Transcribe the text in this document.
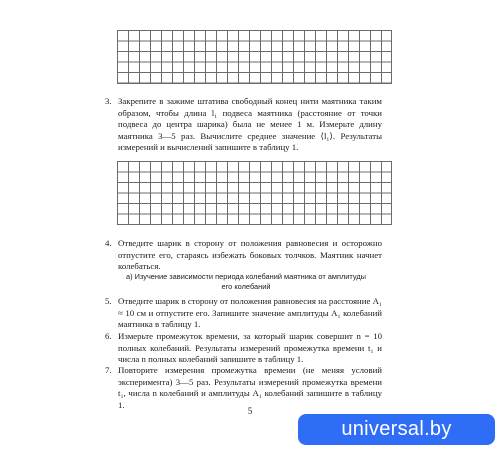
3. Закрепите в зажиме штатива свободный конец нити маятника таким образом, чтобы длина l₁ подвеса маятника (расстояние от точки подвеса до центра шарика) была не менее 1 м. Измерьте длину маятника 3—5 раз. Вычислите среднее значение ⟨l₁⟩. Результаты измерений и вычислений запишите в таблицу 1.
4. Отведите шарик в сторону от положения равновесия и осторожно отпустите его, стараясь избежать боковых толчков. Маятник начнет колебаться.
а) Изучение зависимости периода колебаний маятника от амплитуды его колебаний
5. Отведите шарик в сторону от положения равновесия на расстояние A₁ ≈ 10 см и отпустите его. Запишите значение амплитуды A₁ колебаний маятника в таблицу 1.
6. Измерьте промежуток времени, за который шарик совершит n = 10 полных колебаний. Результаты измерений промежутка времени t₁ и числа n полных колебаний запишите в таблицу 1.
7. Повторите измерения промежутка времени (не меняя условий эксперимента) 3—5 раз. Результаты измерений промежутка времени t₁, числа n колебаний и амплитуды A₁ колебаний запишите в таблицу 1.
5
universal.by
